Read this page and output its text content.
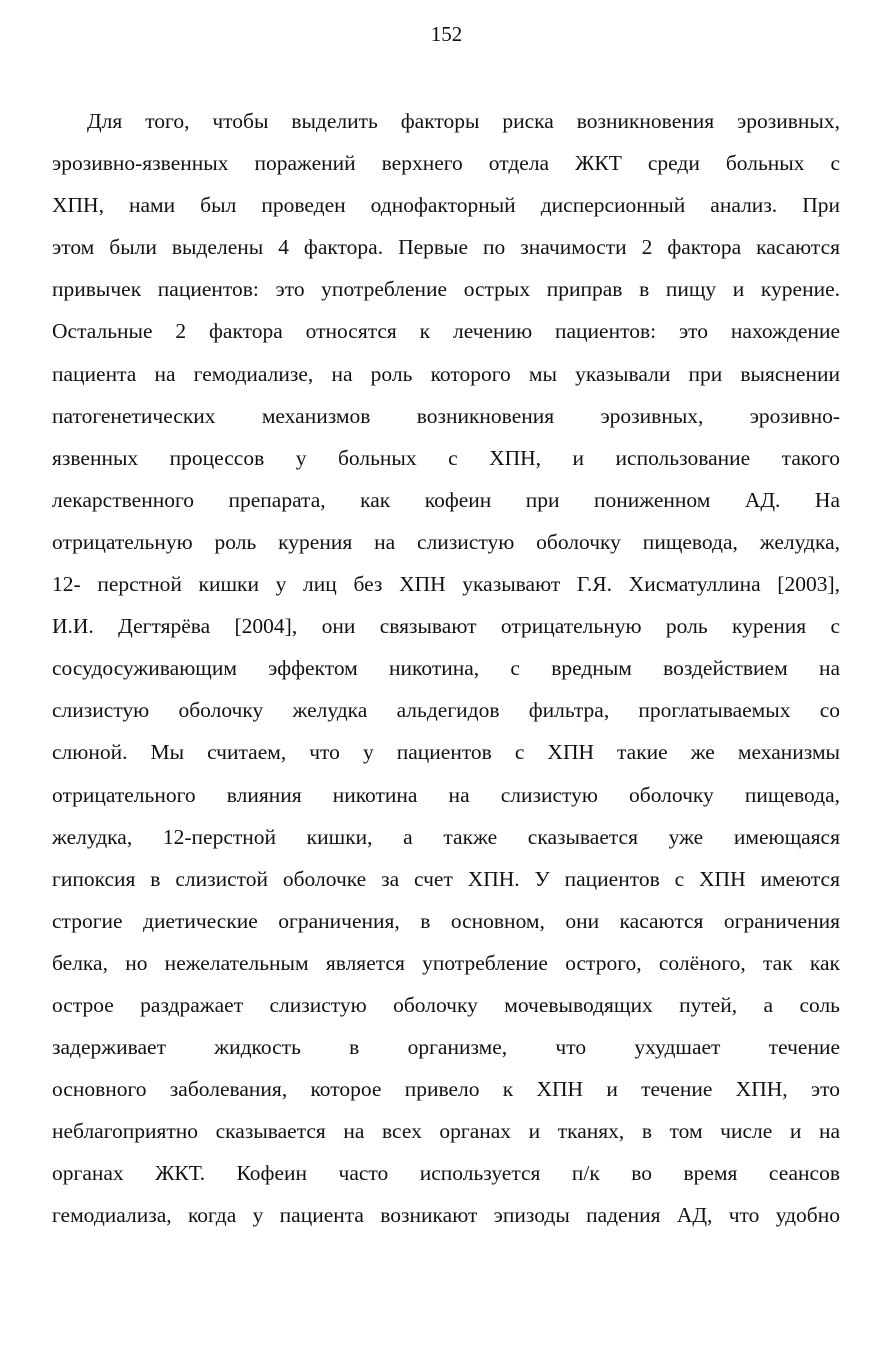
152
Для того, чтобы выделить факторы риска возникновения эрозивных,
эрозивно-язвенных поражений верхнего отдела ЖКТ среди больных с
ХПН, нами был проведен однофакторный дисперсионный анализ. При
этом были выделены 4 фактора. Первые по значимости 2 фактора касаются
привычек пациентов: это употребление острых приправ в пищу и курение.
Остальные 2 фактора относятся к лечению пациентов: это нахождение
пациента на гемодиализе, на роль которого мы указывали при выяснении
патогенетических механизмов возникновения эрозивных, эрозивно-
язвенных процессов у больных с ХПН, и использование такого
лекарственного препарата, как кофеин при пониженном АД. На
отрицательную роль курения на слизистую оболочку пищевода, желудка,
12- перстной кишки у лиц без ХПН указывают Г.Я. Хисматуллина [2003],
И.И. Дегтярёва [2004], они связывают отрицательную роль курения с
сосудосуживающим эффектом никотина, с вредным воздействием на
слизистую оболочку желудка альдегидов фильтра, проглатываемых со
слюной. Мы считаем, что у пациентов с ХПН такие же механизмы
отрицательного влияния никотина на слизистую оболочку пищевода,
желудка, 12-перстной кишки, а также сказывается уже имеющаяся
гипоксия в слизистой оболочке за счет ХПН. У пациентов с ХПН имеются
строгие диетические ограничения, в основном, они касаются ограничения
белка, но нежелательным является употребление острого, солёного, так как
острое раздражает слизистую оболочку мочевыводящих путей, а соль
задерживает жидкость в организме, что ухудшает течение
основного заболевания, которое привело к ХПН и течение ХПН, это
неблагоприятно сказывается на всех органах и тканях, в том числе и на
органах ЖКТ. Кофеин часто используется п/к во время сеансов
гемодиализа, когда у пациента возникают эпизоды падения АД, что удобно
